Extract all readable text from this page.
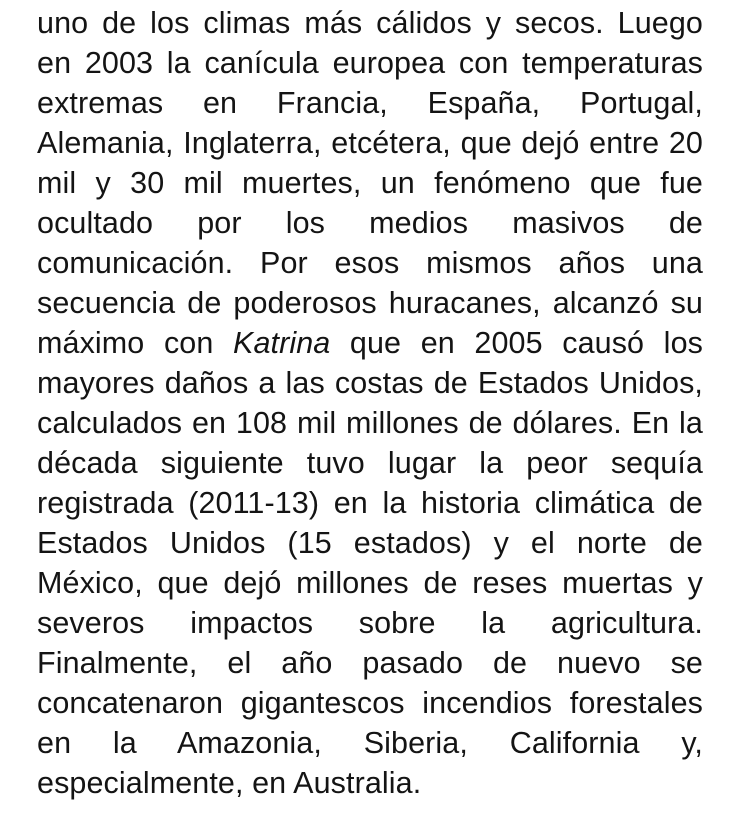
uno de los climas más cálidos y secos. Luego
en 2003 la canícula europea con temperaturas
extremas en Francia, España, Portugal,
Alemania, Inglaterra, etcétera, que dejó entre 20
mil y 30 mil muertes, un fenómeno que fue
ocultado por los medios masivos de
comunicación. Por esos mismos años una
secuencia de poderosos huracanes, alcanzó su
máximo con Katrina que en 2005 causó los
mayores daños a las costas de Estados Unidos,
calculados en 108 mil millones de dólares. En la
década siguiente tuvo lugar la peor sequía
registrada (2011-13) en la historia climática de
Estados Unidos (15 estados) y el norte de
México, que dejó millones de reses muertas y
severos impactos sobre la agricultura.
Finalmente, el año pasado de nuevo se
concatenaron gigantescos incendios forestales
en la Amazonia, Siberia, California y,
especialmente, en Australia.
